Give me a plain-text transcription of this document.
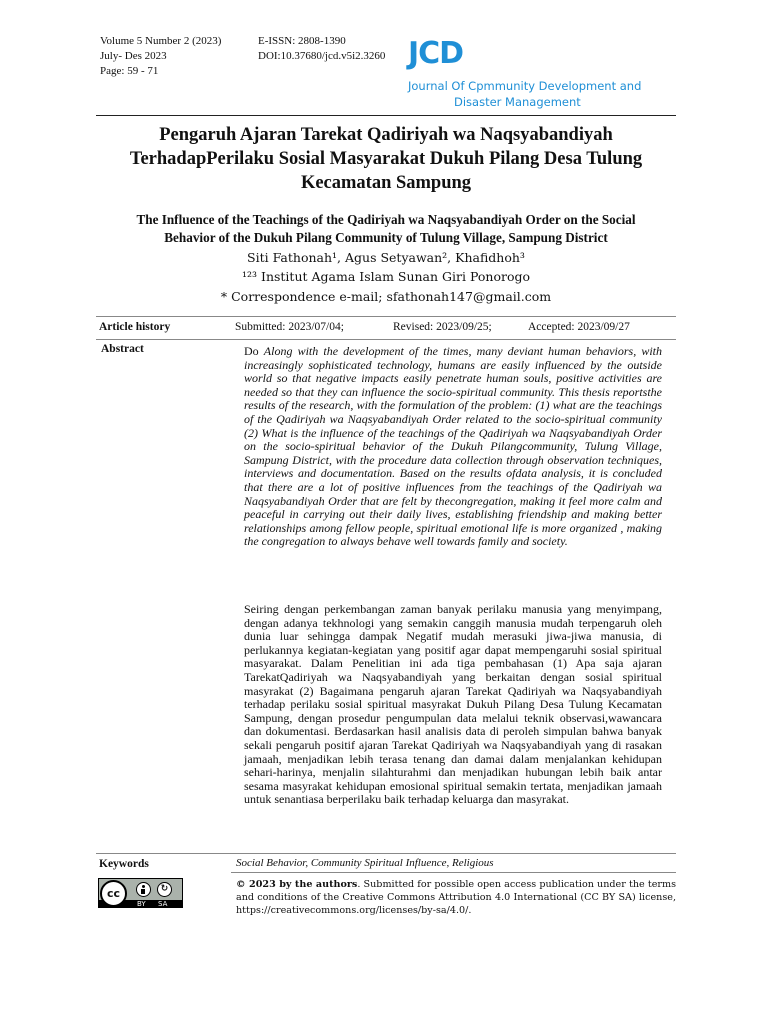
Volume 5 Number 2 (2023)
July- Des 2023
Page: 59 - 71
E-ISSN: 2808-1390
DOI:10.37680/jcd.v5i2.3260 JCD
Journal Of Cpmmunity Development and
Disaster Management
Pengaruh Ajaran Tarekat Qadiriyah wa Naqsyabandiyah
TerhadapPerilaku Sosial Masyarakat Dukuh Pilang Desa Tulung
Kecamatan Sampung
The Influence of the Teachings of the Qadiriyah wa Naqsyabandiyah Order on the Social
Behavior of the Dukuh Pilang Community of Tulung Village, Sampung District
Siti Fathonah¹, Agus Setyawan², Khafidhoh³
¹²³ Institut Agama Islam Sunan Giri Ponorogo
* Correspondence e-mail; sfathonah147@gmail.com
Article history	Submitted: 2023/07/04;	Revised: 2023/09/25;	Accepted: 2023/09/27
Abstract	Do Along with the development of the times, many deviant human behaviors, with increasingly sophisticated technology, humans are easily influenced by the outside world so that negative impacts easily penetrate human souls, positive activities are needed so that they can influence the socio-spiritual community. This thesis reportsthe results of the research, with the formulation of the problem: (1) what are the teachings of the Qadiriyah wa Naqsyabandiyah Order related to the socio-spiritual community (2) What is the influence of the teachings of the Qadiriyah wa Naqsyabandiyah Order on the socio-spiritual behavior of the Dukuh Pilangcommunity, Tulung Village, Sampung District, with the procedure data collection through observation techniques, interviews and documentation. Based on the results ofdata analysis, it is concluded that there are a lot of positive influences from the teachings of the Qadiriyah wa Naqsyabandiyah Order that are felt by thecongregation, making it feel more calm and peaceful in carrying out their daily lives, establishing friendship and making better relationships among fellow people, spiritual emotional life is more organized , making the congregation to always behave well towards family and society.

Seiring dengan perkembangan zaman banyak perilaku manusia yang menyimpang, dengan adanya tekhnologi yang semakin canggih manusia mudah terpengaruh oleh dunia luar sehingga dampak Negatif mudah merasuki jiwa-jiwa manusia, di perlukannya kegiatan-kegiatan yang positif agar dapat mempengaruhi sosial spiritual masyarakat. Dalam Penelitian ini ada tiga pembahasan (1) Apa saja ajaran TarekatQadiriyah wa Naqsyabandiyah yang berkaitan dengan sosial spiritual masyrakat (2) Bagaimana pengaruh ajaran Tarekat Qadiriyah wa Naqsyabandiyah terhadap perilaku sosial spiritual masyrakat Dukuh Pilang Desa Tulung Kecamatan Sampung, dengan prosedur pengumpulan data melalui teknik observasi,wawancara dan dokumentasi. Berdasarkan hasil analisis data di peroleh simpulan bahwa banyak sekali pengaruh positif ajaran Tarekat Qadiriyah wa Naqsyabandiyah yang di rasakan jamaah, menjadikan lebih terasa tenang dan damai dalam menjalankan kehidupan sehari-harinya, menjalin silahturahmi dan menjadikan hubungan lebih baik antar sesama masyrakat kehidupan emosional spiritual semakin tertata, menjadikan jamaah untuk senantiasa berperilaku baik terhadap keluarga dan masyrakat.

Keywords	Social Behavior, Community Spiritual Influence, Religious
cc	↻
BY SA

© 2023 by the authors. Submitted for possible open access publication under the terms and conditions of the Creative Commons Attribution 4.0 International (CC BY SA) license, https://creativecommons.org/licenses/by-sa/4.0/.
